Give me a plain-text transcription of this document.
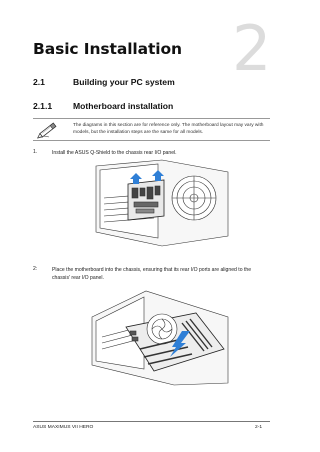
2
Basic Installation
2.1	Building your PC system
2.1.1 Motherboard installation
The diagrams in this section are for reference only. The motherboard layout may vary with models, but the installation steps are the same for all models.
1.	Install the ASUS Q-Shield to the chassis rear I/O panel.
2:	Place the motherboard into the chassis, ensuring that its rear I/O ports are aligned to the chassis' rear I/O panel.
ASUS MAXIMUS VII HERO	2-1
